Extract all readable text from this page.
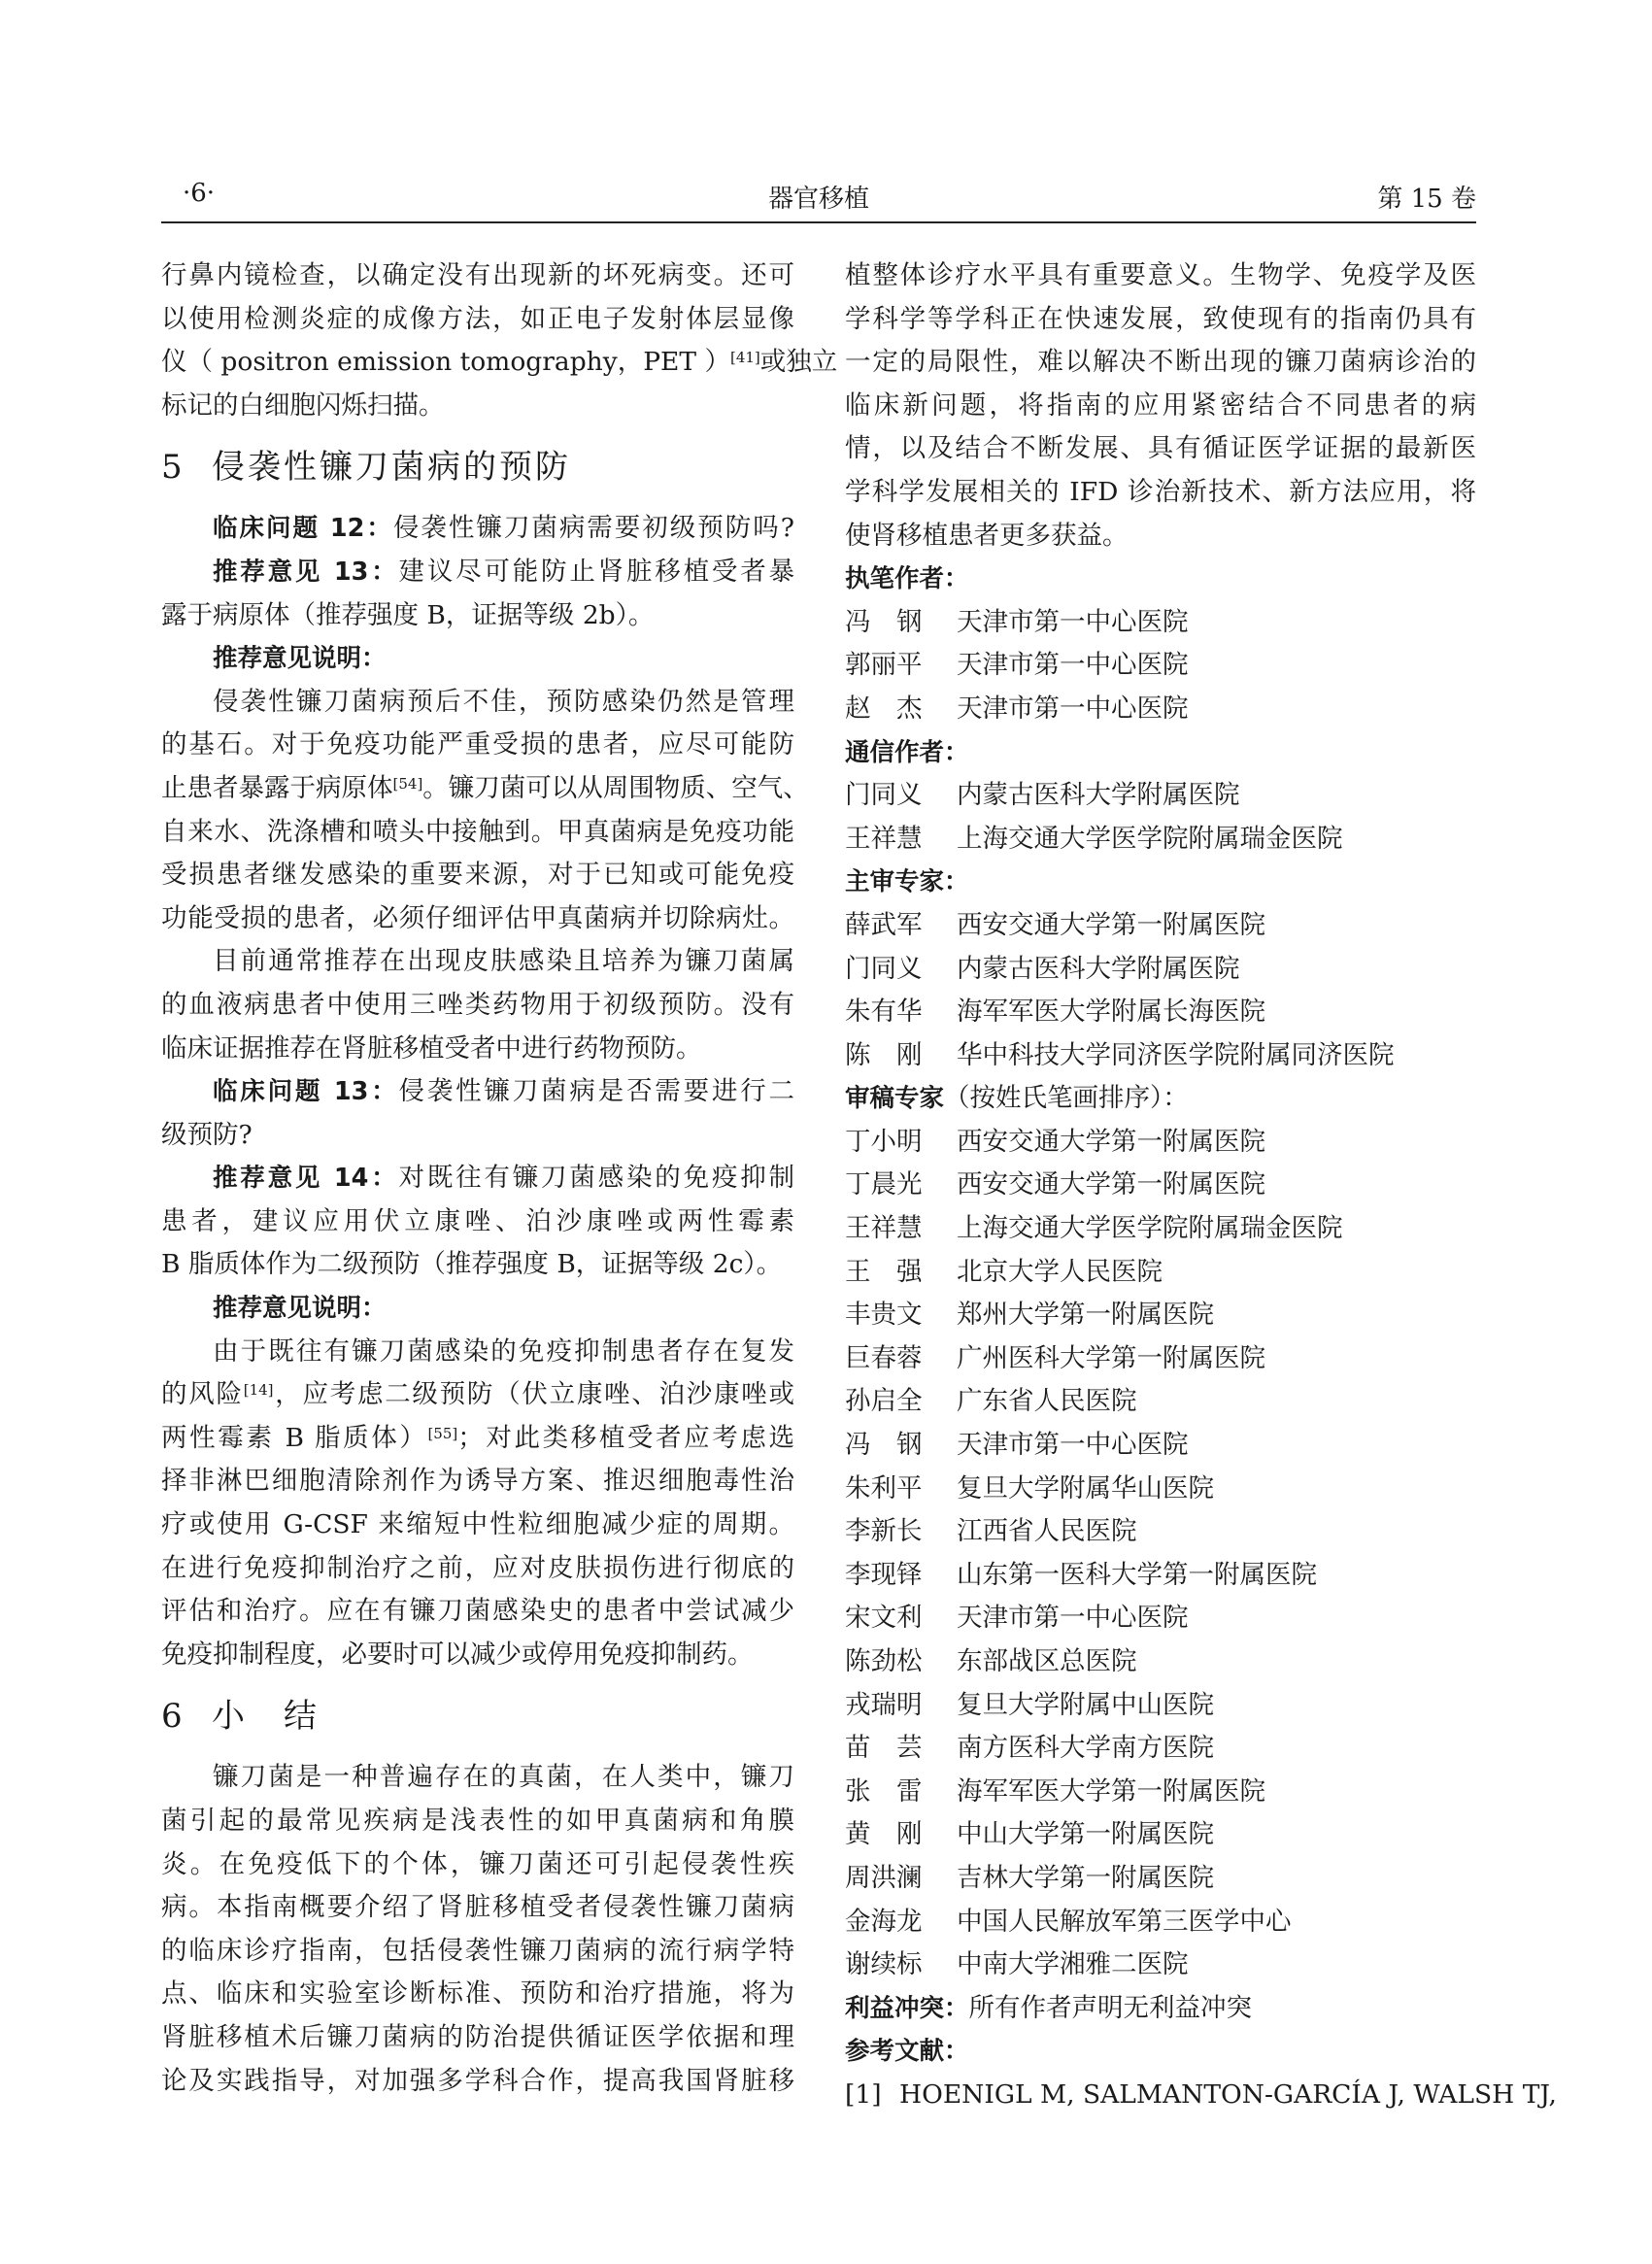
·6·	器官移植	第 15 卷
行鼻内镜检查，以确定没有出现新的坏死病变。还可
以使用检测炎症的成像方法，如正电子发射体层显像
仪（ positron emission tomography，PET ）[41]或独立
标记的白细胞闪烁扫描。
5 侵袭性镰刀菌病的预防
临床问题 12：侵袭性镰刀菌病需要初级预防吗?
推荐意见 13：建议尽可能防止肾脏移植受者暴
露于病原体（推荐强度 B，证据等级 2b）。
推荐意见说明：
侵袭性镰刀菌病预后不佳，预防感染仍然是管理
的基石。对于免疫功能严重受损的患者，应尽可能防
止患者暴露于病原体[54]。镰刀菌可以从周围物质、空气、
自来水、洗涤槽和喷头中接触到。甲真菌病是免疫功能
受损患者继发感染的重要来源，对于已知或可能免疫
功能受损的患者，必须仔细评估甲真菌病并切除病灶。
目前通常推荐在出现皮肤感染且培养为镰刀菌属
的血液病患者中使用三唑类药物用于初级预防。没有
临床证据推荐在肾脏移植受者中进行药物预防。
临床问题 13：侵袭性镰刀菌病是否需要进行二
级预防?
推荐意见 14：对既往有镰刀菌感染的免疫抑制
患者，建议应用伏立康唑、泊沙康唑或两性霉素
B 脂质体作为二级预防（推荐强度 B，证据等级 2c）。
推荐意见说明：
由于既往有镰刀菌感染的免疫抑制患者存在复发
的风险[14]，应考虑二级预防（伏立康唑、泊沙康唑或
两性霉素 B 脂质体）[55]；对此类移植受者应考虑选
择非淋巴细胞清除剂作为诱导方案、推迟细胞毒性治
疗或使用 G-CSF 来缩短中性粒细胞减少症的周期。
在进行免疫抑制治疗之前，应对皮肤损伤进行彻底的
评估和治疗。应在有镰刀菌感染史的患者中尝试减少
免疫抑制程度，必要时可以减少或停用免疫抑制药。
6 小　结
镰刀菌是一种普遍存在的真菌，在人类中，镰刀
菌引起的最常见疾病是浅表性的如甲真菌病和角膜
炎。在免疫低下的个体，镰刀菌还可引起侵袭性疾
病。本指南概要介绍了肾脏移植受者侵袭性镰刀菌病
的临床诊疗指南，包括侵袭性镰刀菌病的流行病学特
点、临床和实验室诊断标准、预防和治疗措施，将为
肾脏移植术后镰刀菌病的防治提供循证医学依据和理
论及实践指导，对加强多学科合作，提高我国肾脏移
植整体诊疗水平具有重要意义。生物学、免疫学及医
学科学等学科正在快速发展，致使现有的指南仍具有
一定的局限性，难以解决不断出现的镰刀菌病诊治的
临床新问题，将指南的应用紧密结合不同患者的病
情，以及结合不断发展、具有循证医学证据的最新医
学科学发展相关的 IFD 诊治新技术、新方法应用，将
使肾移植患者更多获益。
执笔作者：
冯　钢 天津市第一中心医院
郭丽平 天津市第一中心医院
赵　杰 天津市第一中心医院
通信作者：
门同义 内蒙古医科大学附属医院
王祥慧 上海交通大学医学院附属瑞金医院
主审专家：
薛武军 西安交通大学第一附属医院
门同义 内蒙古医科大学附属医院
朱有华 海军军医大学附属长海医院
陈　刚 华中科技大学同济医学院附属同济医院
审稿专家（按姓氏笔画排序）：
丁小明 西安交通大学第一附属医院
丁晨光 西安交通大学第一附属医院
王祥慧 上海交通大学医学院附属瑞金医院
王　强 北京大学人民医院
丰贵文 郑州大学第一附属医院
巨春蓉 广州医科大学第一附属医院
孙启全 广东省人民医院
冯　钢 天津市第一中心医院
朱利平 复旦大学附属华山医院
李新长 江西省人民医院
李现铎 山东第一医科大学第一附属医院
宋文利 天津市第一中心医院
陈劲松 东部战区总医院
戎瑞明 复旦大学附属中山医院
苗　芸 南方医科大学南方医院
张　雷 海军军医大学第一附属医院
黄　刚 中山大学第一附属医院
周洪澜 吉林大学第一附属医院
金海龙 中国人民解放军第三医学中心
谢续标 中南大学湘雅二医院
利益冲突：所有作者声明无利益冲突
参考文献：
[1] HOENIGL M, SALMANTON-GARCÍA J, WALSH TJ,
